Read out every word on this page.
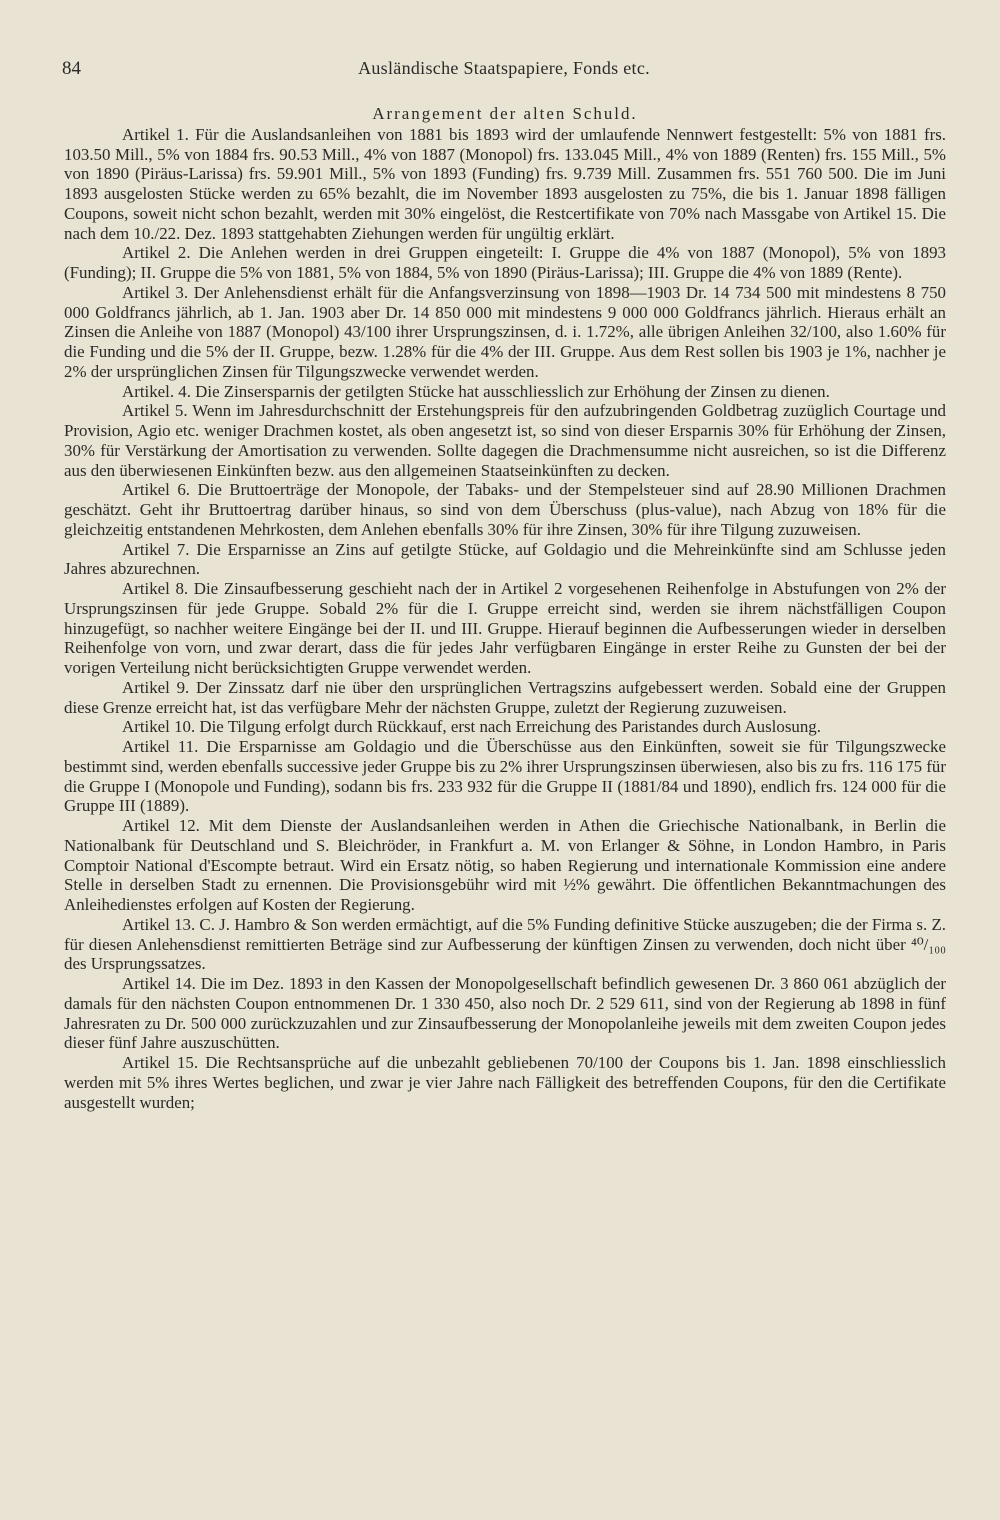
84	Ausländische Staatspapiere, Fonds etc.
Arrangement der alten Schuld.

Artikel 1. Für die Auslandsanleihen von 1881 bis 1893 wird der umlaufende Nennwert festgestellt: 5% von 1881 frs. 103.50 Mill., 5% von 1884 frs. 90.53 Mill., 4% von 1887 (Monopol) frs. 133.045 Mill., 4% von 1889 (Renten) frs. 155 Mill., 5% von 1890 (Piräus-Larissa) frs. 59.901 Mill., 5% von 1893 (Funding) frs. 9.739 Mill. Zusammen frs. 551 760 500. Die im Juni 1893 ausgelosten Stücke werden zu 65% bezahlt, die im November 1893 ausgelosten zu 75%, die bis 1. Januar 1898 fälligen Coupons, soweit nicht schon bezahlt, werden mit 30% eingelöst, die Restcertifikate von 70% nach Massgabe von Artikel 15. Die nach dem 10./22. Dez. 1893 stattgehabten Ziehungen werden für ungültig erklärt.

Artikel 2. Die Anlehen werden in drei Gruppen eingeteilt: I. Gruppe die 4% von 1887 (Monopol), 5% von 1893 (Funding); II. Gruppe die 5% von 1881, 5% von 1884, 5% von 1890 (Piräus-Larissa); III. Gruppe die 4% von 1889 (Rente).

Artikel 3. Der Anlehensdienst erhält für die Anfangsverzinsung von 1898—1903 Dr. 14 734 500 mit mindestens 8 750 000 Goldfrancs jährlich, ab 1. Jan. 1903 aber Dr. 14 850 000 mit mindestens 9 000 000 Goldfrancs jährlich. Hieraus erhält an Zinsen die Anleihe von 1887 (Monopol) 43/100 ihrer Ursprungszinsen, d. i. 1.72%, alle übrigen Anleihen 32/100, also 1.60% für die Funding und die 5% der II. Gruppe, bezw. 1.28% für die 4% der III. Gruppe. Aus dem Rest sollen bis 1903 je 1%, nachher je 2% der ursprünglichen Zinsen für Tilgungszwecke verwendet werden.

Artikel. 4. Die Zinsersparnis der getilgten Stücke hat ausschliesslich zur Erhöhung der Zinsen zu dienen.

Artikel 5. Wenn im Jahresdurchschnitt der Erstehungspreis für den aufzubringenden Goldbetrag zuzüglich Courtage und Provision, Agio etc. weniger Drachmen kostet, als oben angesetzt ist, so sind von dieser Ersparnis 30% für Erhöhung der Zinsen, 30% für Verstärkung der Amortisation zu verwenden. Sollte dagegen die Drachmensumme nicht ausreichen, so ist die Differenz aus den überwiesenen Einkünften bezw. aus den allgemeinen Staatseinkünften zu decken.

Artikel 6. Die Bruttoerträge der Monopole, der Tabaks- und der Stempelsteuer sind auf 28.90 Millionen Drachmen geschätzt. Geht ihr Bruttoertrag darüber hinaus, so sind von dem Überschuss (plus-value), nach Abzug von 18% für die gleichzeitig entstandenen Mehrkosten, dem Anlehen ebenfalls 30% für ihre Zinsen, 30% für ihre Tilgung zuzuweisen.

Artikel 7. Die Ersparnisse an Zins auf getilgte Stücke, auf Goldagio und die Mehreinkünfte sind am Schlusse jeden Jahres abzurechnen.

Artikel 8. Die Zinsaufbesserung geschieht nach der in Artikel 2 vorgesehenen Reihenfolge in Abstufungen von 2% der Ursprungszinsen für jede Gruppe. Sobald 2% für die I. Gruppe erreicht sind, werden sie ihrem nächstfälligen Coupon hinzugefügt, so nachher weitere Eingänge bei der II. und III. Gruppe. Hierauf beginnen die Aufbesserungen wieder in derselben Reihenfolge von vorn, und zwar derart, dass die für jedes Jahr verfügbaren Eingänge in erster Reihe zu Gunsten der bei der vorigen Verteilung nicht berücksichtigten Gruppe verwendet werden.

Artikel 9. Der Zinssatz darf nie über den ursprünglichen Vertragszins aufgebessert werden. Sobald eine der Gruppen diese Grenze erreicht hat, ist das verfügbare Mehr der nächsten Gruppe, zuletzt der Regierung zuzuweisen.

Artikel 10. Die Tilgung erfolgt durch Rückkauf, erst nach Erreichung des Paristandes durch Auslosung.

Artikel 11. Die Ersparnisse am Goldagio und die Überschüsse aus den Einkünften, soweit sie für Tilgungszwecke bestimmt sind, werden ebenfalls successive jeder Gruppe bis zu 2% ihrer Ursprungszinsen überwiesen, also bis zu frs. 116 175 für die Gruppe I (Monopole und Funding), sodann bis frs. 233 932 für die Gruppe II (1881/84 und 1890), endlich frs. 124 000 für die Gruppe III (1889).

Artikel 12. Mit dem Dienste der Auslandsanleihen werden in Athen die Griechische Nationalbank, in Berlin die Nationalbank für Deutschland und S. Bleichröder, in Frankfurt a. M. von Erlanger & Söhne, in London Hambro, in Paris Comptoir National d'Escompte betraut. Wird ein Ersatz nötig, so haben Regierung und internationale Kommission eine andere Stelle in derselben Stadt zu ernennen. Die Provisionsgebühr wird mit ½% gewährt. Die öffentlichen Bekanntmachungen des Anleihedienstes erfolgen auf Kosten der Regierung.

Artikel 13. C. J. Hambro & Son werden ermächtigt, auf die 5% Funding definitive Stücke auszugeben; die der Firma s. Z. für diesen Anlehensdienst remittierten Beträge sind zur Aufbesserung der künftigen Zinsen zu verwenden, doch nicht über ⁴⁰/₁₀₀ des Ursprungssatzes.

Artikel 14. Die im Dez. 1893 in den Kassen der Monopolgesellschaft befindlich gewesenen Dr. 3 860 061 abzüglich der damals für den nächsten Coupon entnommenen Dr. 1 330 450, also noch Dr. 2 529 611, sind von der Regierung ab 1898 in fünf Jahresraten zu Dr. 500 000 zurückzuzahlen und zur Zinsaufbesserung der Monopolanleihe jeweils mit dem zweiten Coupon jedes dieser fünf Jahre auszuschütten.

Artikel 15. Die Rechtsansprüche auf die unbezahlt gebliebenen 70/100 der Coupons bis 1. Jan. 1898 einschliesslich werden mit 5% ihres Wertes beglichen, und zwar je vier Jahre nach Fälligkeit des betreffenden Coupons, für den die Certifikate ausgestellt wurden;
